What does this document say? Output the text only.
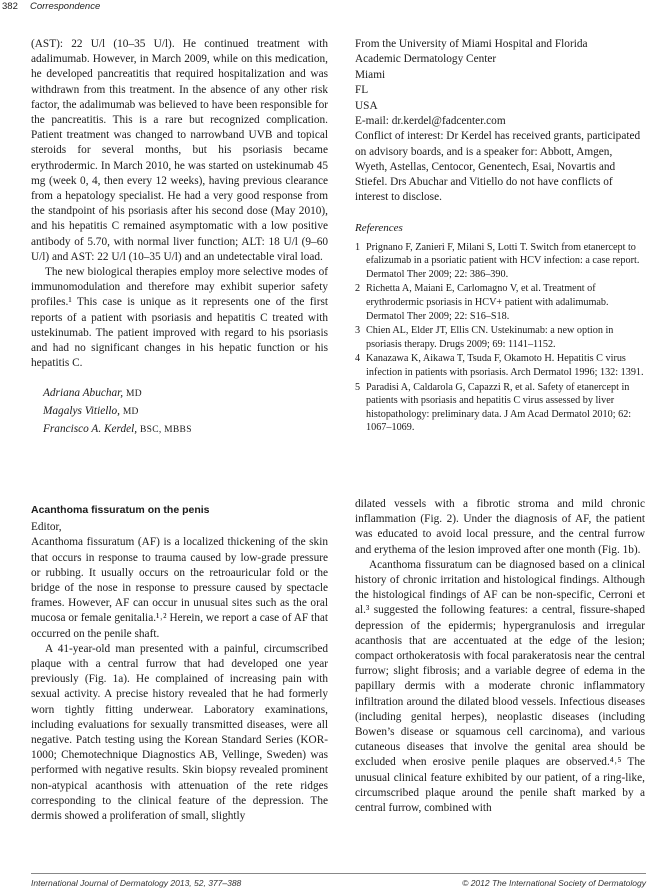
382 Correspondence

(AST): 22 U/l (10–35 U/l). He continued treatment with adalimumab. However, in March 2009, while on this medication, he developed pancreatitis that required hospitalization and was withdrawn from this treatment. In the absence of any other risk factor, the adalimumab was believed to have been responsible for the pancreatitis. This is a rare but recognized complication. Patient treatment was changed to narrowband UVB and topical steroids for several months, but his psoriasis became erythrodermic. In March 2010, he was started on ustekinumab 45 mg (week 0, 4, then every 12 weeks), having previous clearance from a hepatology specialist. He had a very good response from the standpoint of his psoriasis after his second dose (May 2010), and his hepatitis C remained asymptomatic with a low positive antibody of 5.70, with normal liver function; ALT: 18 U/l (9–60 U/l) and AST: 22 U/l (10–35 U/l) and an undetectable viral load.

The new biological therapies employ more selective modes of immunomodulation and therefore may exhibit superior safety profiles.¹ This case is unique as it represents one of the first reports of a patient with psoriasis and hepatitis C treated with ustekinumab. The patient improved with regard to his psoriasis and had no significant changes in his hepatic function or his hepatitis C.

Adriana Abuchar, MD
Magalys Vitiello, MD
Francisco A. Kerdel, BSC, MBBS
From the University of Miami Hospital and Florida
Academic Dermatology Center
Miami
FL
USA
E-mail: dr.kerdel@fadcenter.com

Conflict of interest: Dr Kerdel has received grants, participated on advisory boards, and is a speaker for: Abbott, Amgen, Wyeth, Astellas, Centocor, Genentech, Esai, Novartis and Stiefel. Drs Abuchar and Vitiello do not have conflicts of interest to disclose.

References
1 Prignano F, Zanieri F, Milani S, Lotti T. Switch from etanercept to efalizumab in a psoriatic patient with HCV infection: a case report. Dermatol Ther 2009; 22: 386–390.
2 Richetta A, Maiani E, Carlomagno V, et al. Treatment of erythrodermic psoriasis in HCV+ patient with adalimumab. Dermatol Ther 2009; 22: S16–S18.
3 Chien AL, Elder JT, Ellis CN. Ustekinumab: a new option in psoriasis therapy. Drugs 2009; 69: 1141–1152.
4 Kanazawa K, Aikawa T, Tsuda F, Okamoto H. Hepatitis C virus infection in patients with psoriasis. Arch Dermatol 1996; 132: 1391.
5 Paradisi A, Caldarola G, Capazzi R, et al. Safety of etanercept in patients with psoriasis and hepatitis C virus assessed by liver histopathology: preliminary data. J Am Acad Dermatol 2010; 62: 1067–1069.
Acanthoma fissuratum on the penis
Editor,

Acanthoma fissuratum (AF) is a localized thickening of the skin that occurs in response to trauma caused by low-grade pressure or rubbing. It usually occurs on the retroauricular fold or the bridge of the nose in response to pressure caused by spectacle frames. However, AF can occur in unusual sites such as the oral mucosa or female genitalia.¹˒² Herein, we report a case of AF that occurred on the penile shaft.

A 41-year-old man presented with a painful, circumscribed plaque with a central furrow that had developed one year previously (Fig. 1a). He complained of increasing pain with sexual activity. A precise history revealed that he had formerly worn tightly fitting underwear. Laboratory examinations, including evaluations for sexually transmitted diseases, were all negative. Patch testing using the Korean Standard Series (KOR-1000; Chemotechnique Diagnostics AB, Vellinge, Sweden) was performed with negative results. Skin biopsy revealed prominent non-atypical acanthosis with attenuation of the rete ridges corresponding to the clinical feature of the depression. The dermis showed a proliferation of small, slightly

dilated vessels with a fibrotic stroma and mild chronic inflammation (Fig. 2). Under the diagnosis of AF, the patient was educated to avoid local pressure, and the central furrow and erythema of the lesion improved after one month (Fig. 1b).

Acanthoma fissuratum can be diagnosed based on a clinical history of chronic irritation and histological findings. Although the histological findings of AF can be non-specific, Cerroni et al.³ suggested the following features: a central, fissure-shaped depression of the epidermis; hypergranulosis and irregular acanthosis that are accentuated at the edge of the lesion; compact orthokeratosis with focal parakeratosis near the central furrow; slight fibrosis; and a variable degree of edema in the papillary dermis with a moderate chronic inflammatory infiltration around the dilated blood vessels. Infectious diseases (including genital herpes), neoplastic diseases (including Bowen’s disease or squamous cell carcinoma), and various cutaneous diseases that involve the genital area should be excluded when erosive penile plaques are observed.⁴˒⁵ The unusual clinical feature exhibited by our patient, of a ring-like, circumscribed plaque around the penile shaft marked by a central furrow, combined with

International Journal of Dermatology 2013, 52, 377–388	© 2012 The International Society of Dermatology
